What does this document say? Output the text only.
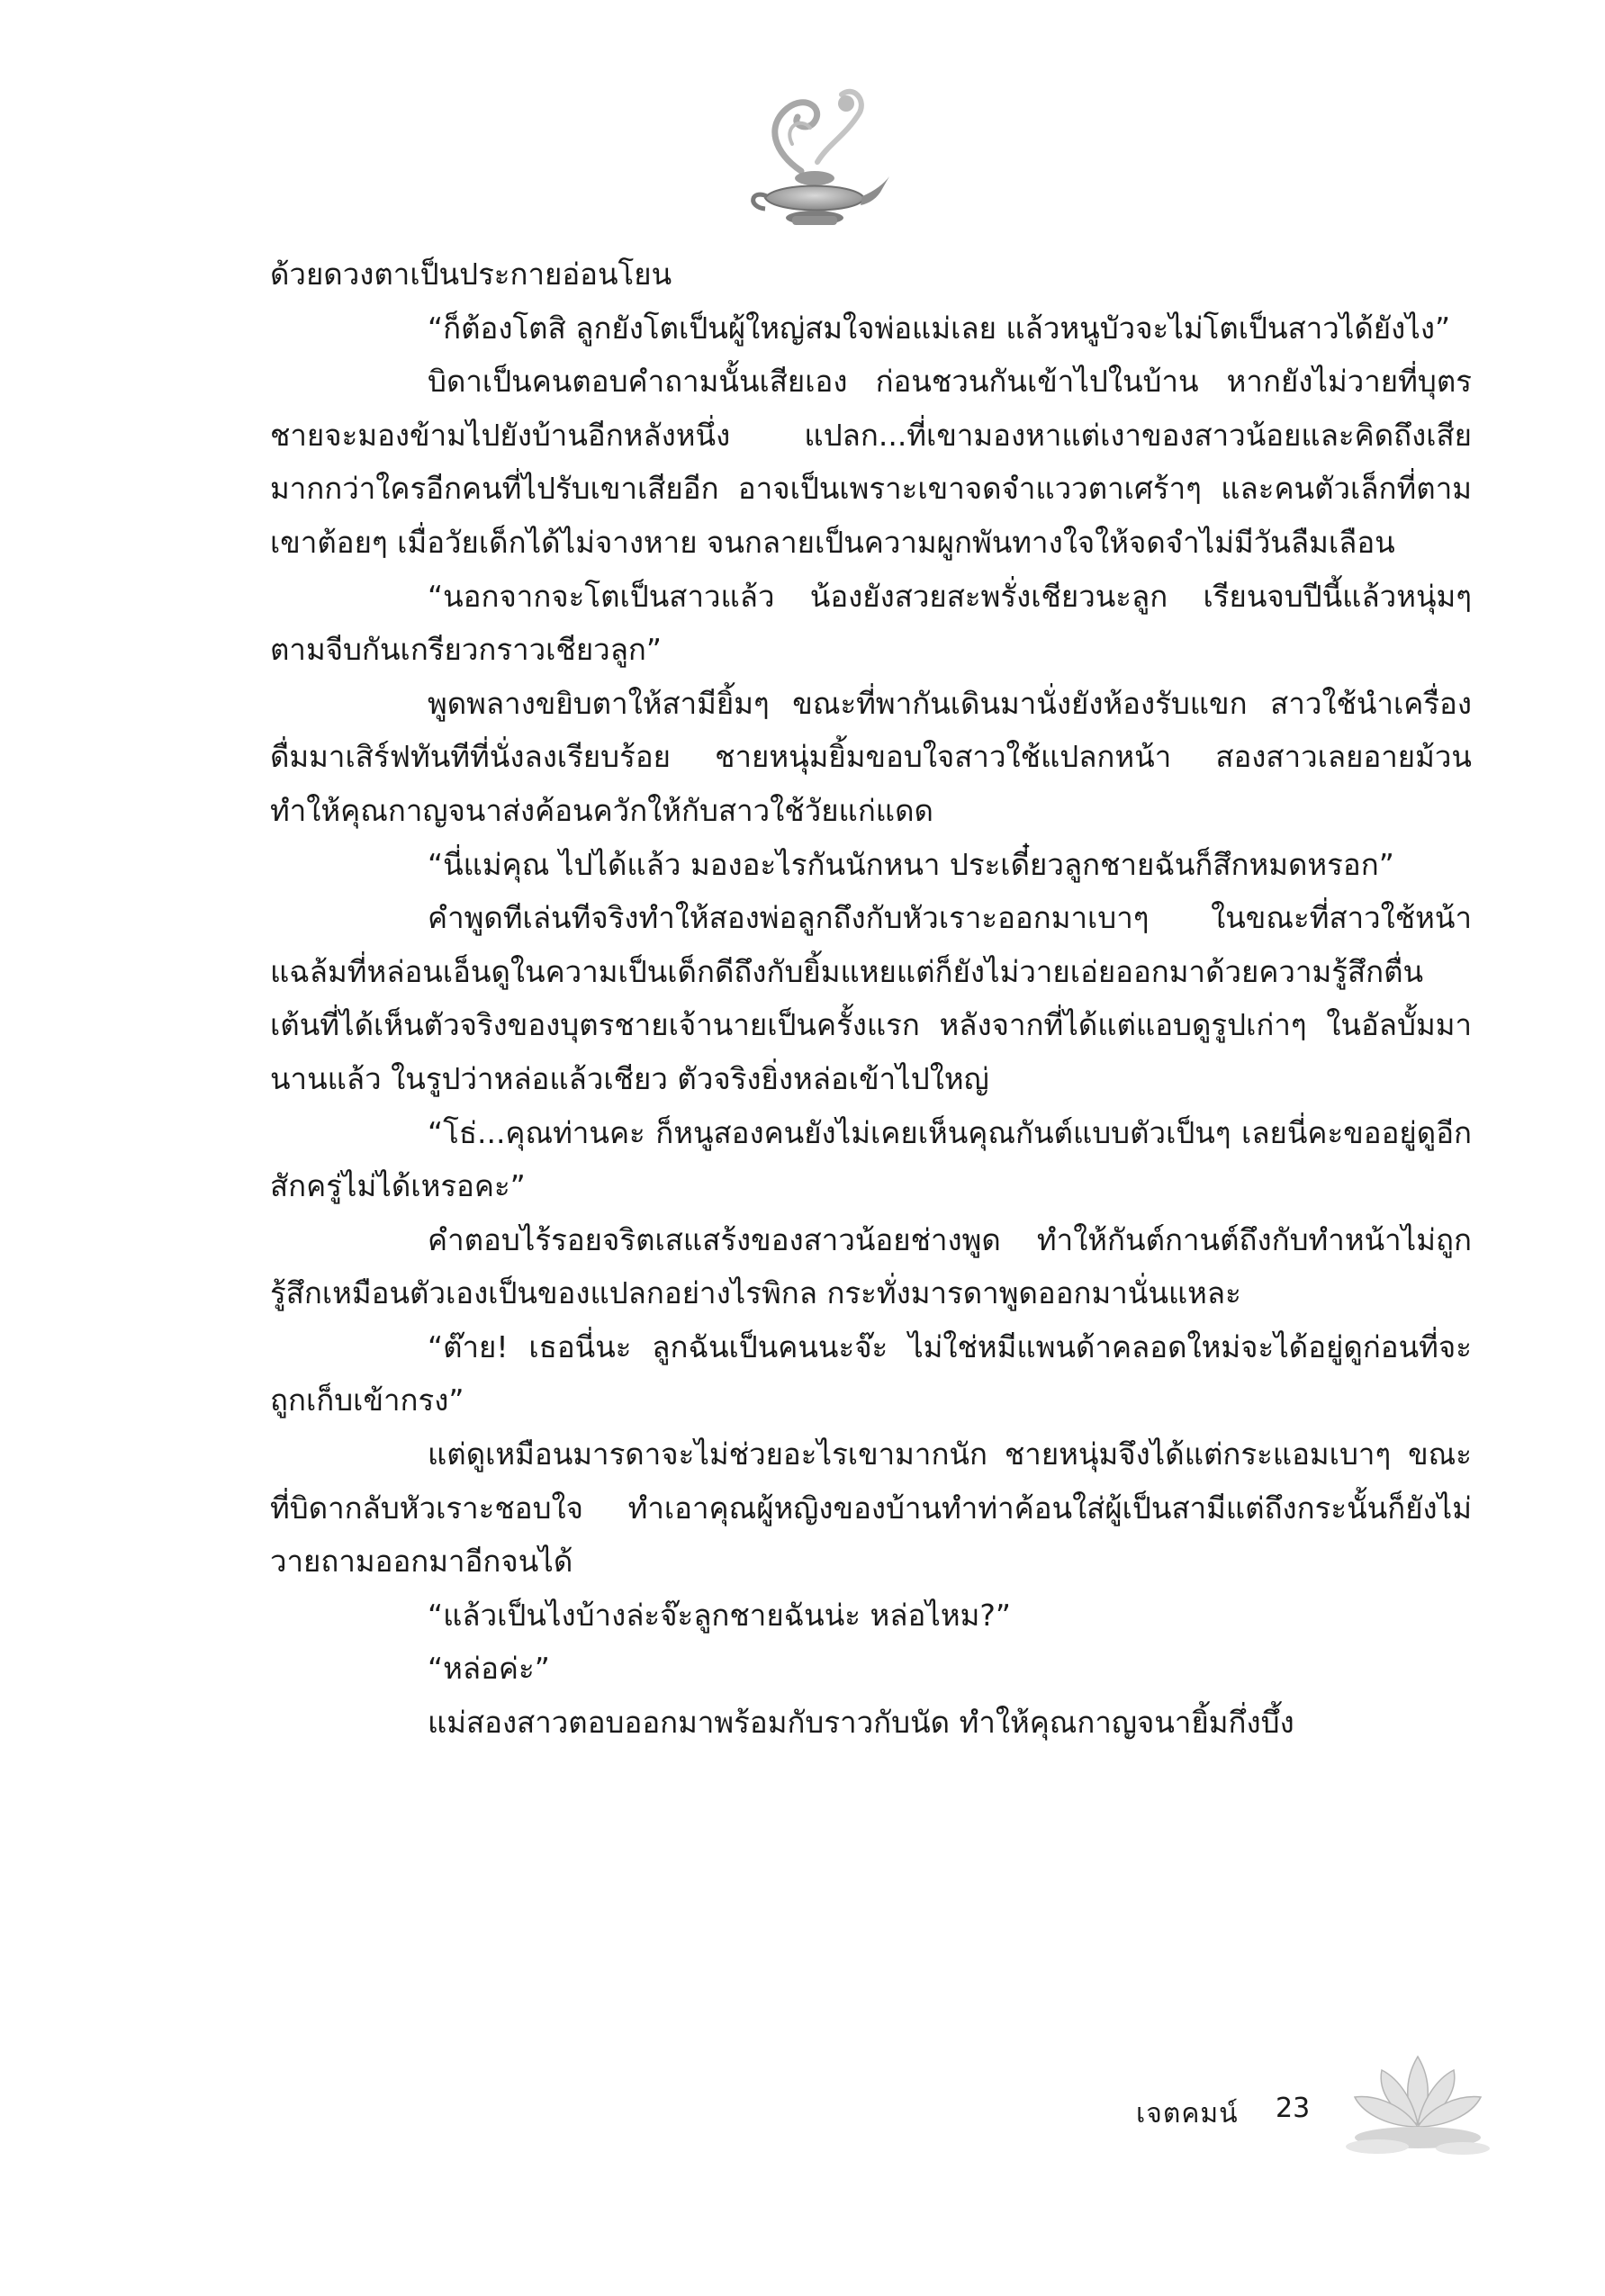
ด้วยดวงตาเป็นประกายอ่อนโยน

“ก็ต้องโตสิ ลูกยังโตเป็นผู้ใหญ่สมใจพ่อแม่เลย แล้วหนูบัวจะไม่โตเป็นสาวได้ยังไง”

บิดาเป็นคนตอบคำถามนั้นเสียเอง ก่อนชวนกันเข้าไปในบ้าน หากยังไม่วายที่บุตรชายจะมองข้ามไปยังบ้านอีกหลังหนึ่ง แปลก...ที่เขามองหาแต่เงาของสาวน้อยและคิดถึงเสียมากกว่าใครอีกคนที่ไปรับเขาเสียอีก อาจเป็นเพราะเขาจดจำแววตาเศร้าๆ และคนตัวเล็กที่ตามเขาต้อยๆ เมื่อวัยเด็กได้ไม่จางหาย จนกลายเป็นความผูกพันทางใจให้จดจำไม่มีวันลืมเลือน

“นอกจากจะโตเป็นสาวแล้ว น้องยังสวยสะพรั่งเชียวนะลูก เรียนจบปีนี้แล้วหนุ่มๆ ตามจีบกันเกรียวกราวเชียวลูก”

พูดพลางขยิบตาให้สามียิ้มๆ ขณะที่พากันเดินมานั่งยังห้องรับแขก สาวใช้นำเครื่องดื่มมาเสิร์ฟทันทีที่นั่งลงเรียบร้อย ชายหนุ่มยิ้มขอบใจสาวใช้แปลกหน้า สองสาวเลยอายม้วนทำให้คุณกาญจนาส่งค้อนควักให้กับสาวใช้วัยแก่แดด

“นี่แม่คุณ ไปได้แล้ว มองอะไรกันนักหนา ประเดี๋ยวลูกชายฉันก็สึกหมดหรอก”

คำพูดทีเล่นทีจริงทำให้สองพ่อลูกถึงกับหัวเราะออกมาเบาๆ ในขณะที่สาวใช้หน้าแฉล้มที่หล่อนเอ็นดูในความเป็นเด็กดีถึงกับยิ้มแหยแต่ก็ยังไม่วายเอ่ยออกมาด้วยความรู้สึกตื่นเต้นที่ได้เห็นตัวจริงของบุตรชายเจ้านายเป็นครั้งแรก หลังจากที่ได้แต่แอบดูรูปเก่าๆ ในอัลบั้มมานานแล้ว ในรูปว่าหล่อแล้วเชียว ตัวจริงยิ่งหล่อเข้าไปใหญ่

“โธ่...คุณท่านคะ ก็หนูสองคนยังไม่เคยเห็นคุณกันต์แบบตัวเป็นๆ เลยนี่คะขออยู่ดูอีกสักครู่ไม่ได้เหรอคะ”

คำตอบไร้รอยจริตเสแสร้งของสาวน้อยช่างพูด ทำให้กันต์กานต์ถึงกับทำหน้าไม่ถูก รู้สึกเหมือนตัวเองเป็นของแปลกอย่างไรพิกล กระทั่งมารดาพูดออกมานั่นแหละ

“ต๊าย! เธอนี่นะ ลูกฉันเป็นคนนะจ๊ะ ไม่ใช่หมีแพนด้าคลอดใหม่จะได้อยู่ดูก่อนที่จะถูกเก็บเข้ากรง”

แต่ดูเหมือนมารดาจะไม่ช่วยอะไรเขามากนัก ชายหนุ่มจึงได้แต่กระแอมเบาๆ ขณะที่บิดากลับหัวเราะชอบใจ ทำเอาคุณผู้หญิงของบ้านทำท่าค้อนใส่ผู้เป็นสามีแต่ถึงกระนั้นก็ยังไม่วายถามออกมาอีกจนได้

“แล้วเป็นไงบ้างล่ะจ๊ะลูกชายฉันน่ะ หล่อไหม?”

“หล่อค่ะ”

แม่สองสาวตอบออกมาพร้อมกับราวกับนัด ทำให้คุณกาญจนายิ้มกึ่งบึ้ง

เจตคมน์ 23
